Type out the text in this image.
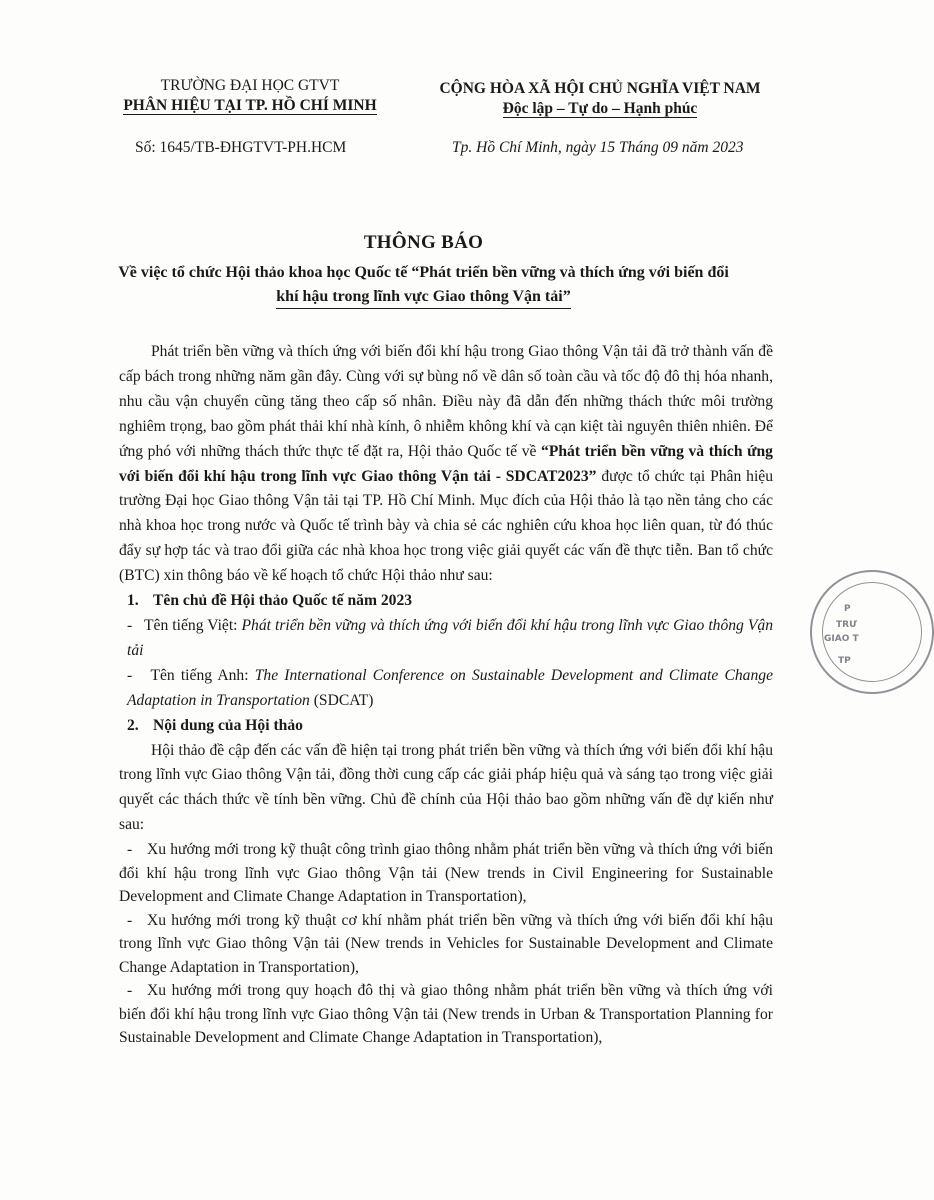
TRƯỜNG ĐẠI HỌC GTVT
PHÂN HIỆU TẠI TP. HỒ CHÍ MINH
Số: 1645/TB-ĐHGTVT-PH.HCM
CỘNG HÒA XÃ HỘI CHỦ NGHĨA VIỆT NAM
Độc lập – Tự do – Hạnh phúc
Tp. Hồ Chí Minh, ngày 15 Tháng 09 năm 2023
THÔNG BÁO
Về việc tổ chức Hội thảo khoa học Quốc tế “Phát triển bền vững và thích ứng với biến đổi
khí hậu trong lĩnh vực Giao thông Vận tải”

Phát triển bền vững và thích ứng với biến đổi khí hậu trong Giao thông Vận tải đã trở thành vấn đề cấp bách trong những năm gần đây. Cùng với sự bùng nổ về dân số toàn cầu và tốc độ đô thị hóa nhanh, nhu cầu vận chuyển cũng tăng theo cấp số nhân. Điều này đã dẫn đến những thách thức môi trường nghiêm trọng, bao gồm phát thải khí nhà kính, ô nhiễm không khí và cạn kiệt tài nguyên thiên nhiên. Để ứng phó với những thách thức thực tế đặt ra, Hội thảo Quốc tế về “Phát triển bền vững và thích ứng với biến đổi khí hậu trong lĩnh vực Giao thông Vận tải - SDCAT2023” được tổ chức tại Phân hiệu trường Đại học Giao thông Vận tải tại TP. Hồ Chí Minh. Mục đích của Hội thảo là tạo nền tảng cho các nhà khoa học trong nước và Quốc tế trình bày và chia sẻ các nghiên cứu khoa học liên quan, từ đó thúc đẩy sự hợp tác và trao đổi giữa các nhà khoa học trong việc giải quyết các vấn đề thực tiễn. Ban tổ chức (BTC) xin thông báo về kế hoạch tổ chức Hội thảo như sau:

1. Tên chủ đề Hội thảo Quốc tế năm 2023

-   Tên tiếng Việt: Phát triển bền vững và thích ứng với biến đổi khí hậu trong lĩnh vực Giao thông Vận tải

-   Tên tiếng Anh: The International Conference on Sustainable Development and Climate Change Adaptation in Transportation (SDCAT)

2. Nội dung của Hội thảo

Hội thảo đề cập đến các vấn đề hiện tại trong phát triển bền vững và thích ứng với biến đổi khí hậu trong lĩnh vực Giao thông Vận tải, đồng thời cung cấp các giải pháp hiệu quả và sáng tạo trong việc giải quyết các thách thức về tính bền vững. Chủ đề chính của Hội thảo bao gồm những vấn đề dự kiến như sau:

- Xu hướng mới trong kỹ thuật công trình giao thông nhằm phát triển bền vững và thích ứng với biến đổi khí hậu trong lĩnh vực Giao thông Vận tải (New trends in Civil Engineering for Sustainable Development and Climate Change Adaptation in Transportation),

- Xu hướng mới trong kỹ thuật cơ khí nhằm phát triển bền vững và thích ứng với biến đổi khí hậu trong lĩnh vực Giao thông Vận tải (New trends in Vehicles for Sustainable Development and Climate Change Adaptation in Transportation),

- Xu hướng mới trong quy hoạch đô thị và giao thông nhằm phát triển bền vững và thích ứng với biến đổi khí hậu trong lĩnh vực Giao thông Vận tải (New trends in Urban & Transportation Planning for Sustainable Development and Climate Change Adaptation in Transportation),

P
TRƯ
GIAO T
TP
